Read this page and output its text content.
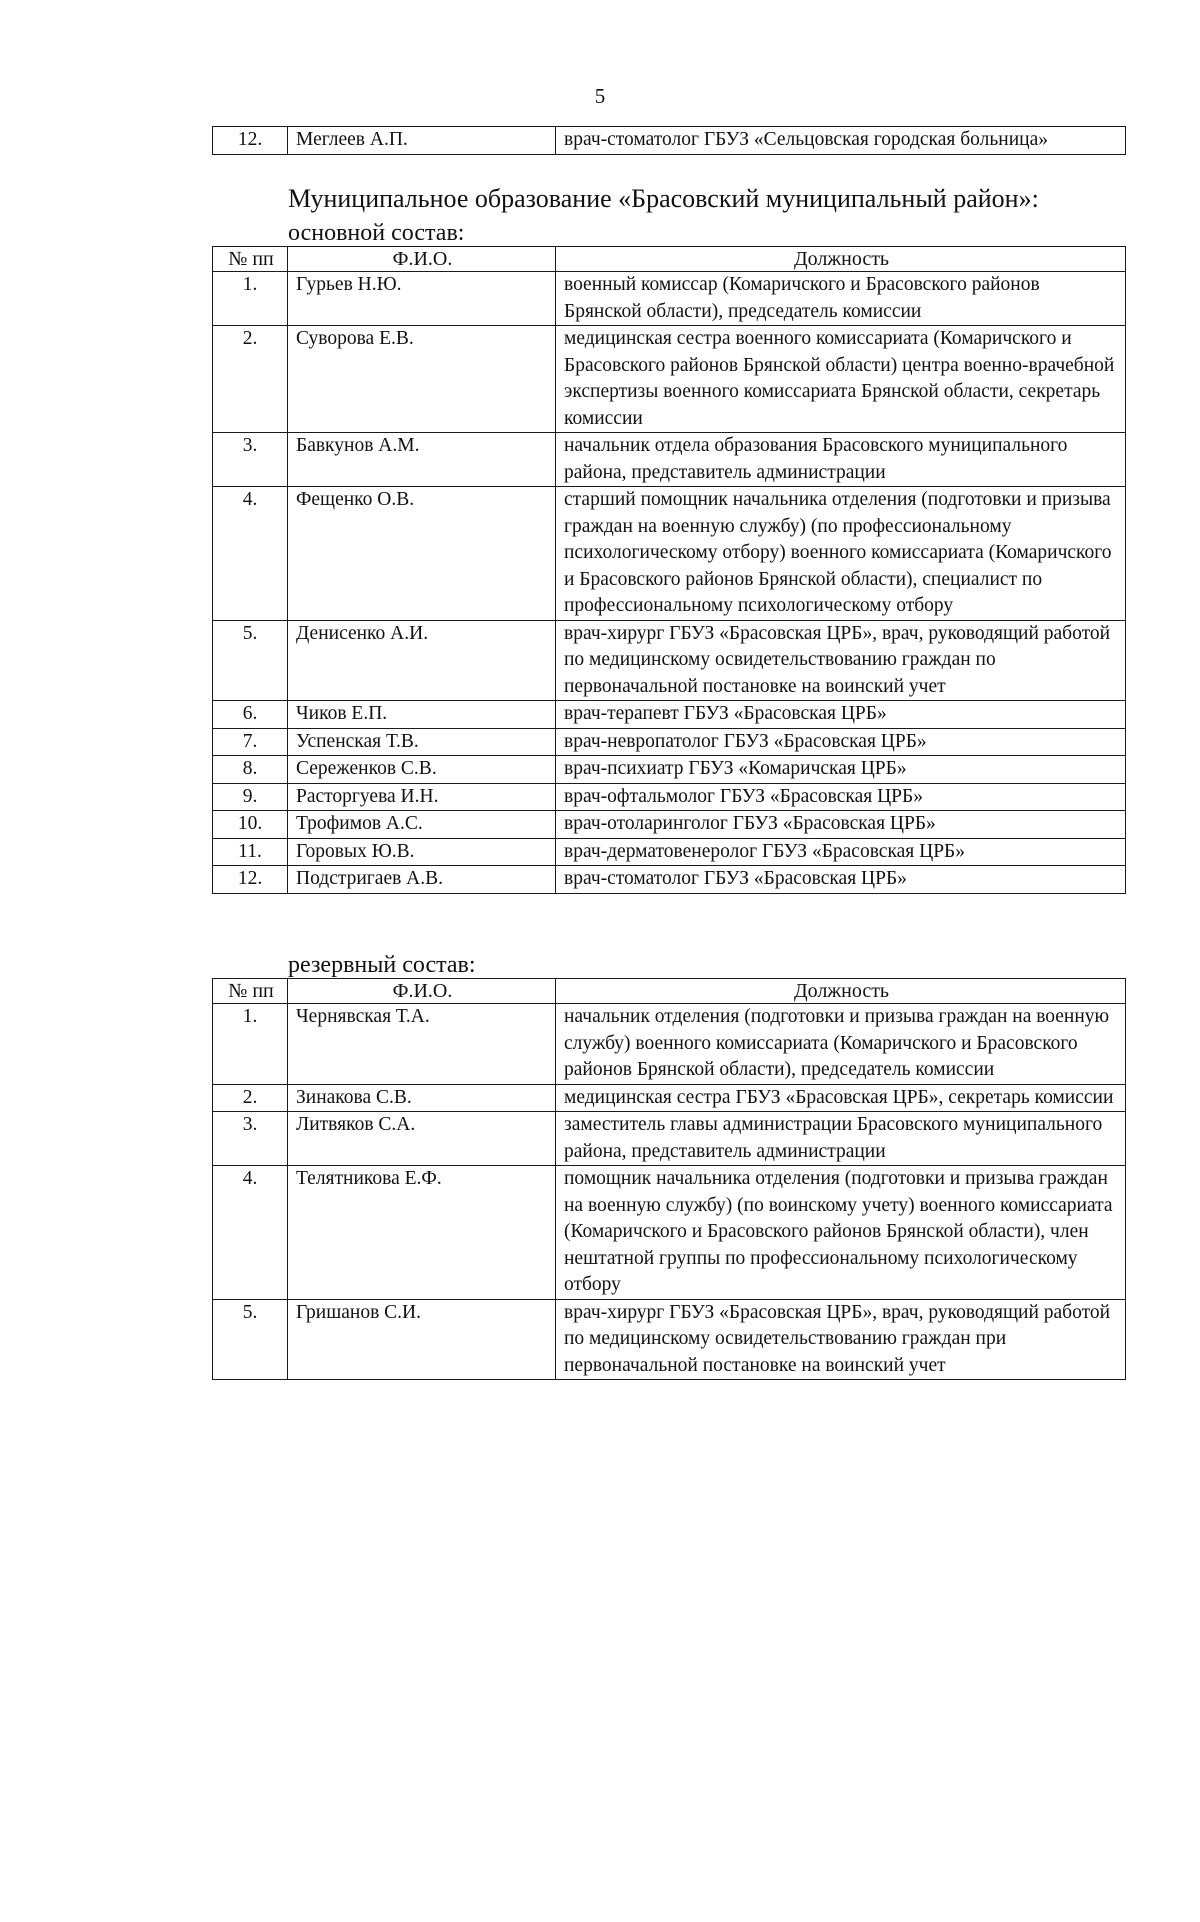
5
12.	Меглеев А.П.	врач-стоматолог ГБУЗ «Сельцовская городская больница»
Муниципальное образование «Брасовский муниципальный район»:
основной состав:
№ пп	Ф.И.О.	Должность
1.	Гурьев Н.Ю.	военный комиссар (Комаричского и Брасовского районов Брянской области), председатель комиссии
2.	Суворова Е.В.	медицинская сестра военного комиссариата (Комаричского и Брасовского районов Брянской области) центра военно-врачебной экспертизы военного комиссариата Брянской области, секретарь комиссии
3.	Бавкунов А.М.	начальник отдела образования Брасовского муниципального района, представитель администрации
4.	Фещенко О.В.	старший помощник начальника отделения (подготовки и призыва граждан на военную службу) (по профессиональному психологическому отбору) военного комиссариата (Комаричского и Брасовского районов Брянской области), специалист по профессиональному психологическому отбору
5.	Денисенко А.И.	врач-хирург ГБУЗ «Брасовская ЦРБ», врач, руководящий работой по медицинскому освидетельствованию граждан по первоначальной постановке на воинский учет
6.	Чиков Е.П.	врач-терапевт ГБУЗ «Брасовская ЦРБ»
7.	Успенская Т.В.	врач-невропатолог ГБУЗ «Брасовская ЦРБ»
8.	Сереженков С.В.	врач-психиатр ГБУЗ «Комаричская ЦРБ»
9.	Расторгуева И.Н.	врач-офтальмолог ГБУЗ «Брасовская ЦРБ»
10.	Трофимов А.С.	врач-отоларинголог ГБУЗ «Брасовская ЦРБ»
11.	Горовых Ю.В.	врач-дерматовенеролог ГБУЗ «Брасовская ЦРБ»
12.	Подстригаев А.В.	врач-стоматолог ГБУЗ «Брасовская ЦРБ»
резервный состав:
№ пп	Ф.И.О.	Должность
1.	Чернявская Т.А.	начальник отделения (подготовки и призыва граждан на военную службу) военного комиссариата (Комаричского и Брасовского районов Брянской области), председатель комиссии
2.	Зинакова С.В.	медицинская сестра ГБУЗ «Брасовская ЦРБ», секретарь комиссии
3.	Литвяков С.А.	заместитель главы администрации Брасовского муниципального района, представитель администрации
4.	Телятникова Е.Ф.	помощник начальника отделения (подготовки и призыва граждан на военную службу) (по воинскому учету) военного комиссариата (Комаричского и Брасовского районов Брянской области), член нештатной группы по профессиональному психологическому отбору
5.	Гришанов С.И.	врач-хирург ГБУЗ «Брасовская ЦРБ», врач, руководящий работой по медицинскому освидетельствованию граждан при первоначальной постановке на воинский учет
